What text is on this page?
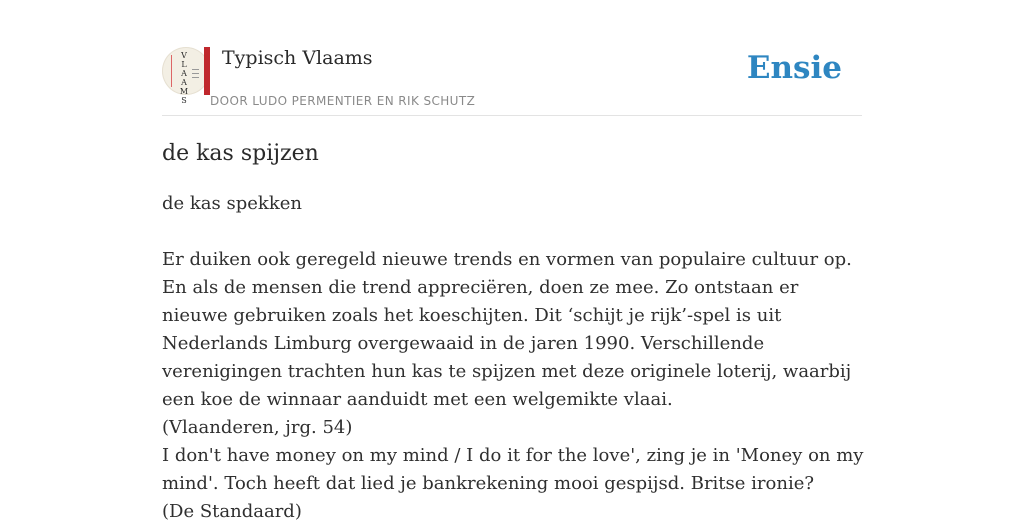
VLAAMS
Typisch Vlaams
DOOR LUDO PERMENTIER EN RIK SCHUTZ
Ensie
de kas spijzen
de kas spekken

Er duiken ook geregeld nieuwe trends en vormen van populaire cultuur op. En als de mensen die trend appreciëren, doen ze mee. Zo ontstaan er nieuwe gebruiken zoals het koeschijten. Dit ‘schijt je rijk’-spel is uit Nederlands Limburg overgewaaid in de jaren 1990. Verschillende verenigingen trachten hun kas te spijzen met deze originele loterij, waarbij een koe de winnaar aanduidt met een welgemikte vlaai.

(Vlaanderen, jrg. 54)

I don't have money on my mind / I do it for the love', zing je in 'Money on my mind'. Toch heeft dat lied je bankrekening mooi gespijsd. Britse ironie?

(De Standaard)
